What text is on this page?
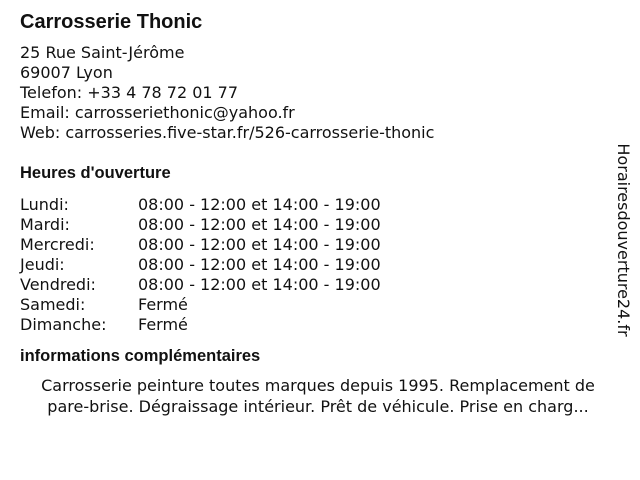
Carrosserie Thonic
25 Rue Saint-Jérôme
69007 Lyon
Telefon: +33 4 78 72 01 77
Email: carrosseriethonic@yahoo.fr
Web: carrosseries.five-star.fr/526-carrosserie-thonic
Heures d'ouverture
Lundi:	08:00 - 12:00 et 14:00 - 19:00
Mardi:	08:00 - 12:00 et 14:00 - 19:00
Mercredi:	08:00 - 12:00 et 14:00 - 19:00
Jeudi:	08:00 - 12:00 et 14:00 - 19:00
Vendredi:	08:00 - 12:00 et 14:00 - 19:00
Samedi:	Fermé
Dimanche:	Fermé
informations complémentaires
Carrosserie peinture toutes marques depuis 1995. Remplacement de
pare-brise. Dégraissage intérieur. Prêt de véhicule. Prise en charg...
Horairesdouverture24.fr
